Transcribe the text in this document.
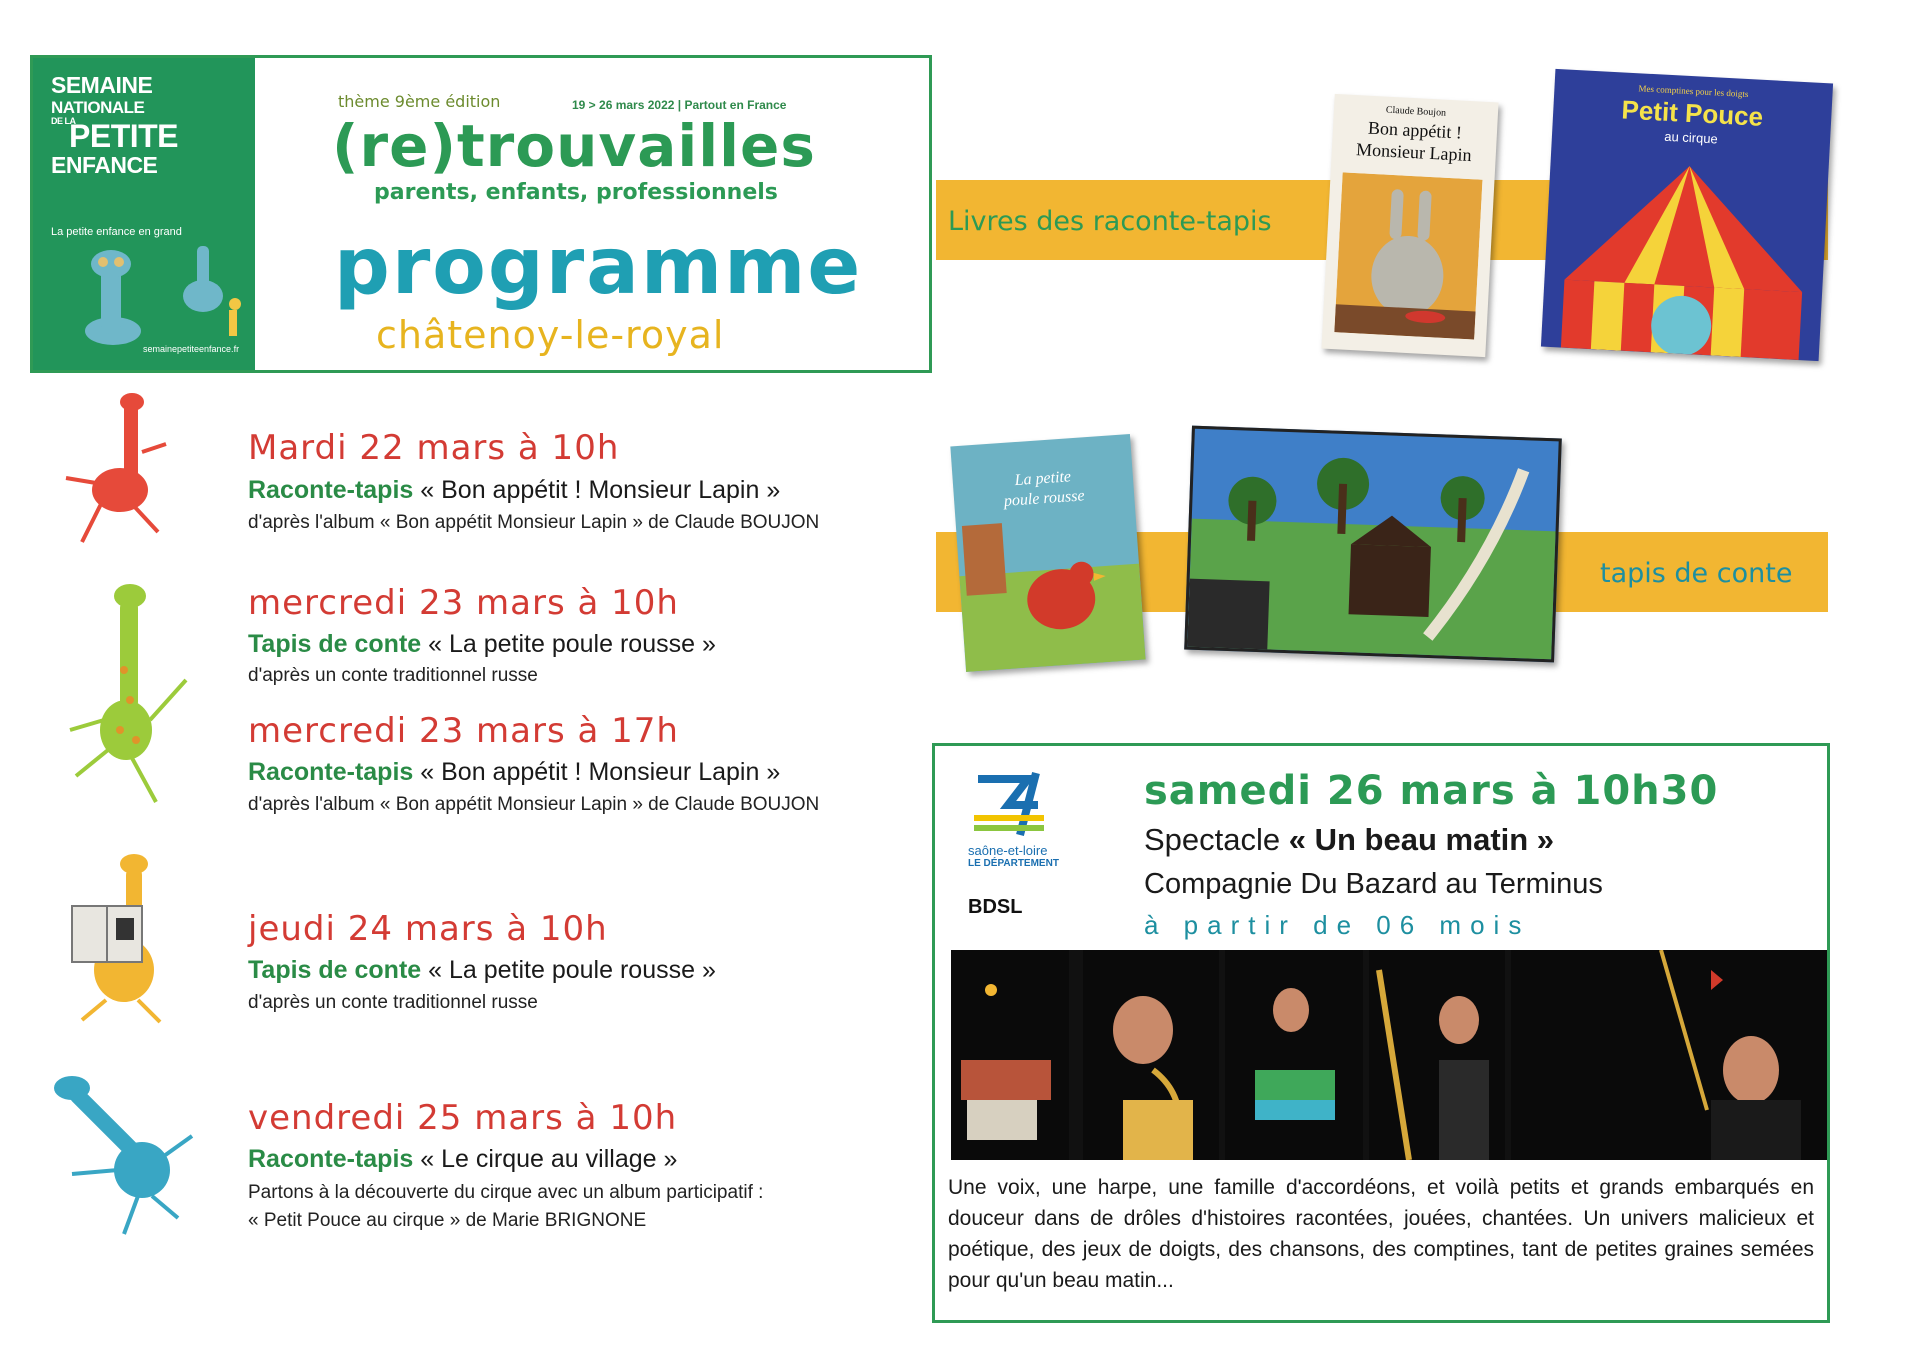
SEMAINE
NATIONALE
DE LA
PETITE
ENFANCE
La petite enfance en grand
semainepetiteenfance.fr
thème 9ème édition	19 > 26 mars 2022 | Partout en France
(re)trouvailles
parents, enfants, professionnels
programme
châtenoy-le-royal
Mardi 22 mars à 10h
Raconte-tapis « Bon appétit ! Monsieur Lapin »
d'après l'album « Bon appétit Monsieur Lapin » de Claude BOUJON
mercredi 23 mars à 10h
Tapis de conte « La petite poule rousse »
d'après un conte traditionnel russe
mercredi 23 mars à 17h
Raconte-tapis « Bon appétit ! Monsieur Lapin »
d'après l'album « Bon appétit Monsieur Lapin » de Claude BOUJON
jeudi 24 mars à 10h
Tapis de conte « La petite poule rousse »
d'après un conte traditionnel russe
vendredi 25 mars à 10h
Raconte-tapis « Le cirque au village »
Partons à la découverte du cirque avec un album participatif :
« Petit Pouce au cirque » de Marie BRIGNONE
Livres des raconte-tapis
Claude Boujon
Bon appétit !
Monsieur Lapin
Mes comptines pour les doigts
Petit Pouce
au cirque
tapis de conte
La petite
poule rousse
saône-et-loire
LE DÉPARTEMENT
BDSL
samedi 26 mars à 10h30
Spectacle « Un beau matin »
Compagnie Du Bazard au Terminus
à partir de 06 mois

Une voix, une harpe, une famille d'accordéons, et voilà petits et grands embarqués en douceur dans de drôles d'histoires racontées, jouées, chantées. Un univers malicieux et poétique, des jeux de doigts, des chansons, des comptines, tant de petites graines semées pour qu'un beau matin...
